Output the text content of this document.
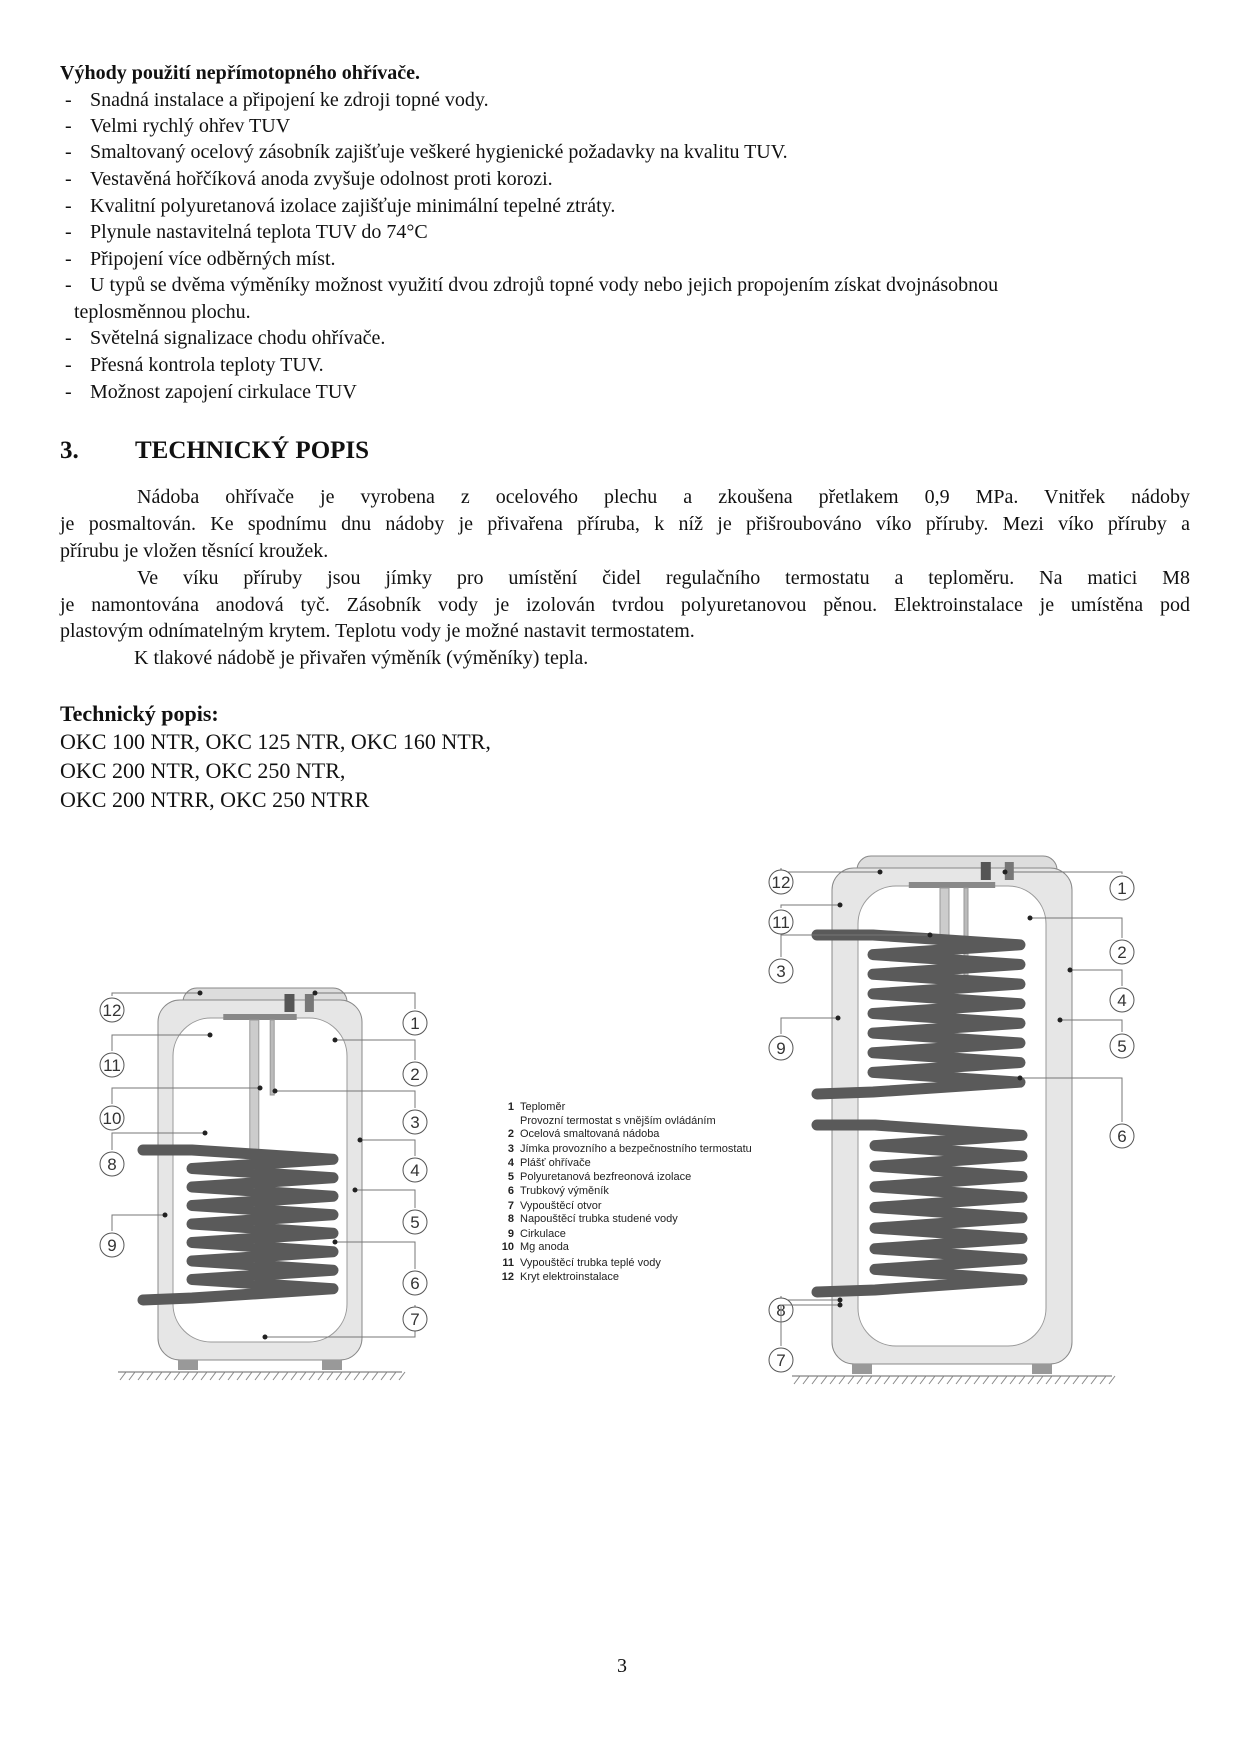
Výhody použití nepřímotopného ohřívače.
- Snadná instalace a připojení ke zdroji topné vody.
- Velmi rychlý ohřev TUV
- Smaltovaný ocelový zásobník zajišťuje veškeré hygienické požadavky na kvalitu TUV.
- Vestavěná hořčíková anoda zvyšuje odolnost proti korozi.
- Kvalitní polyuretanová izolace zajišťuje minimální tepelné ztráty.
- Plynule nastavitelná teplota TUV do 74°C
- Připojení více odběrných míst.
- U typů se dvěma výměníky možnost využití dvou zdrojů topné vody nebo jejich propojením získat dvojnásobnou
- Světelná signalizace chodu ohřívače.
- Přesná kontrola teploty TUV.
- Možnost zapojení cirkulace TUV
teplosměnnou plochu.
3. TECHNICKÝ POPIS
Nádoba ohřívače je vyrobena z ocelového plechu a zkoušena přetlakem 0,9 MPa. Vnitřek nádoby
je posmaltován. Ke spodnímu dnu nádoby je přivařena příruba, k níž je přišroubováno víko příruby. Mezi víko příruby a
přírubu je vložen těsnící kroužek.
Ve víku příruby jsou jímky pro umístění čidel regulačního termostatu a teploměru. Na matici M8
je namontována anodová tyč. Zásobník vody je izolován tvrdou polyuretanovou pěnou. Elektroinstalace je umístěna pod
plastovým odnímatelným krytem. Teplotu vody je možné nastavit termostatem.
K tlakové nádobě je přivařen výměník (výměníky) tepla.
Technický popis:
OKC 100 NTR, OKC 125 NTR, OKC 160 NTR,
OKC 200 NTR, OKC 250 NTR,
OKC 200 NTRR, OKC 250 NTRR
12
11
10
8
9
1
2
3
4
5
6
7
12
11
3
9
8
7
1
2
4
5
6
1 Teploměr
Provozní termostat s vnějším ovládáním
2 Ocelová smaltovaná nádoba
3 Jímka provozního a bezpečnostního termostatu
4 Plášť ohřívače
5 Polyuretanová bezfreonová izolace
6 Trubkový výměník
7 Vypouštěcí otvor
8 Napouštěcí trubka studené vody
9 Cirkulace
10 Mg anoda
11 Vypouštěcí trubka teplé vody
12 Kryt elektroinstalace
3
